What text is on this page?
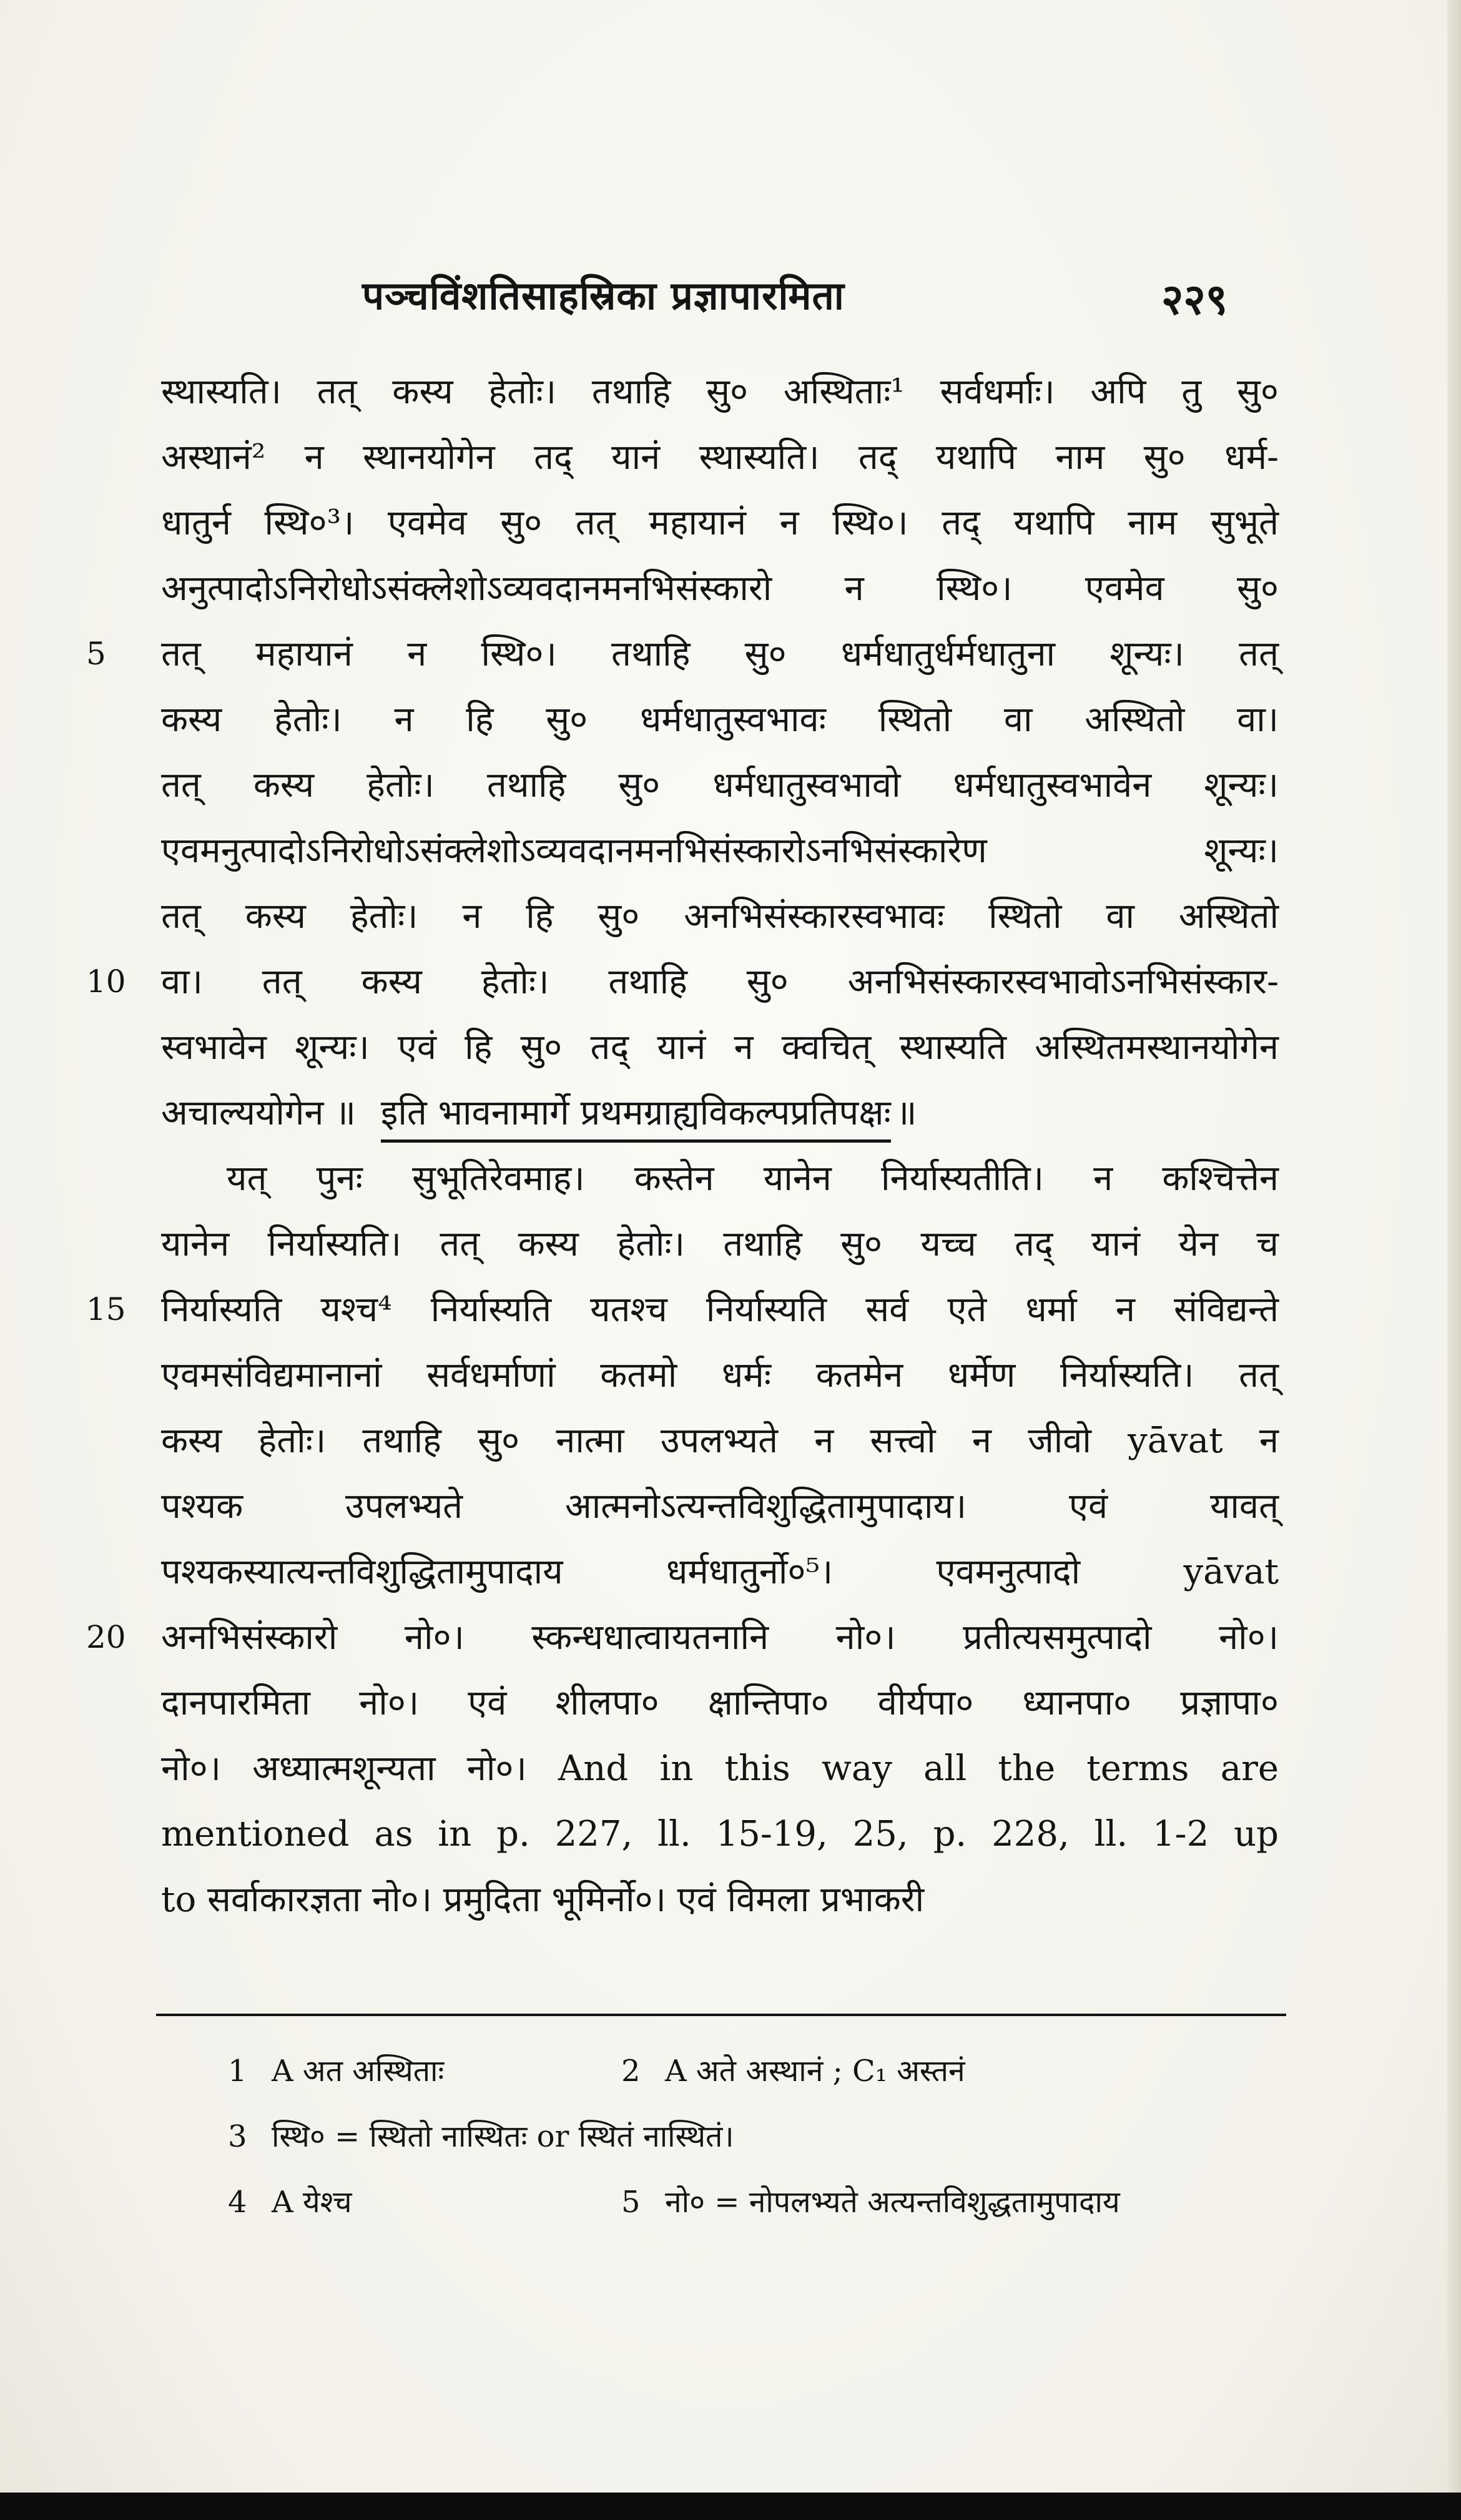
पञ्चविंशतिसाहस्रिका प्रज्ञापारमिता	२२९
स्थास्यति। तत् कस्य हेतोः। तथाहि सु० अस्थिताः¹ सर्वधर्माः। अपि तु सु०
अस्थानं² न स्थानयोगेन तद् यानं स्थास्यति। तद् यथापि नाम सु० धर्म-
धातुर्न स्थि०³। एवमेव सु० तत् महायानं न स्थि०। तद् यथापि नाम सुभूते
अनुत्पादोऽनिरोधोऽसंक्लेशोऽव्यवदानमनभिसंस्कारो न स्थि०। एवमेव सु०
5	तत् महायानं न स्थि०। तथाहि सु० धर्मधातुर्धर्मधातुना शून्यः। तत्
कस्य हेतोः। न हि सु० धर्मधातुस्वभावः स्थितो वा अस्थितो वा।
तत् कस्य हेतोः। तथाहि सु० धर्मधातुस्वभावो धर्मधातुस्वभावेन शून्यः।
एवमनुत्पादोऽनिरोधोऽसंक्लेशोऽव्यवदानमनभिसंस्कारोऽनभिसंस्कारेण शून्यः।
तत् कस्य हेतोः। न हि सु० अनभिसंस्कारस्वभावः स्थितो वा अस्थितो
10	वा। तत् कस्य हेतोः। तथाहि सु० अनभिसंस्कारस्वभावोऽनभिसंस्कार-
स्वभावेन शून्यः। एवं हि सु० तद् यानं न क्वचित् स्थास्यति अस्थितमस्थानयोगेन
अचाल्ययोगेन ॥ इति भावनामार्गे प्रथमग्राह्यविकल्पप्रतिपक्षः ॥
यत् पुनः सुभूतिरेवमाह। कस्तेन यानेन निर्यास्यतीति। न कश्चित्तेन
यानेन निर्यास्यति। तत् कस्य हेतोः। तथाहि सु० यच्च तद् यानं येन च
15	निर्यास्यति यश्च⁴ निर्यास्यति यतश्च निर्यास्यति सर्व एते धर्मा न संविद्यन्ते
एवमसंविद्यमानानां सर्वधर्माणां कतमो धर्मः कतमेन धर्मेण निर्यास्यति। तत्
कस्य हेतोः। तथाहि सु० नात्मा उपलभ्यते न सत्त्वो न जीवो yāvat न
पश्यक उपलभ्यते आत्मनोऽत्यन्तविशुद्धितामुपादाय। एवं यावत्
पश्यकस्यात्यन्तविशुद्धितामुपादाय धर्मधातुर्नो०⁵। एवमनुत्पादो yāvat
20	अनभिसंस्कारो नो०। स्कन्धधात्वायतनानि नो०। प्रतीत्यसमुत्पादो नो०।
दानपारमिता नो०। एवं शीलपा० क्षान्तिपा० वीर्यपा० ध्यानपा० प्रज्ञापा०
नो०। अध्यात्मशून्यता नो०। And in this way all the terms are
mentioned as in p. 227, ll. 15-19, 25, p. 228, ll. 1-2 up
to सर्वाकारज्ञता नो०। प्रमुदिता भूमिर्नो०। एवं विमला प्रभाकरी
1 A अत अस्थिताः	2 A अते अस्थानं ; C₁ अस्तनं
3 स्थि० = स्थितो नास्थितः or स्थितं नास्थितं।
4 A येश्च	5 नो० = नोपलभ्यते अत्यन्तविशुद्धतामुपादाय
